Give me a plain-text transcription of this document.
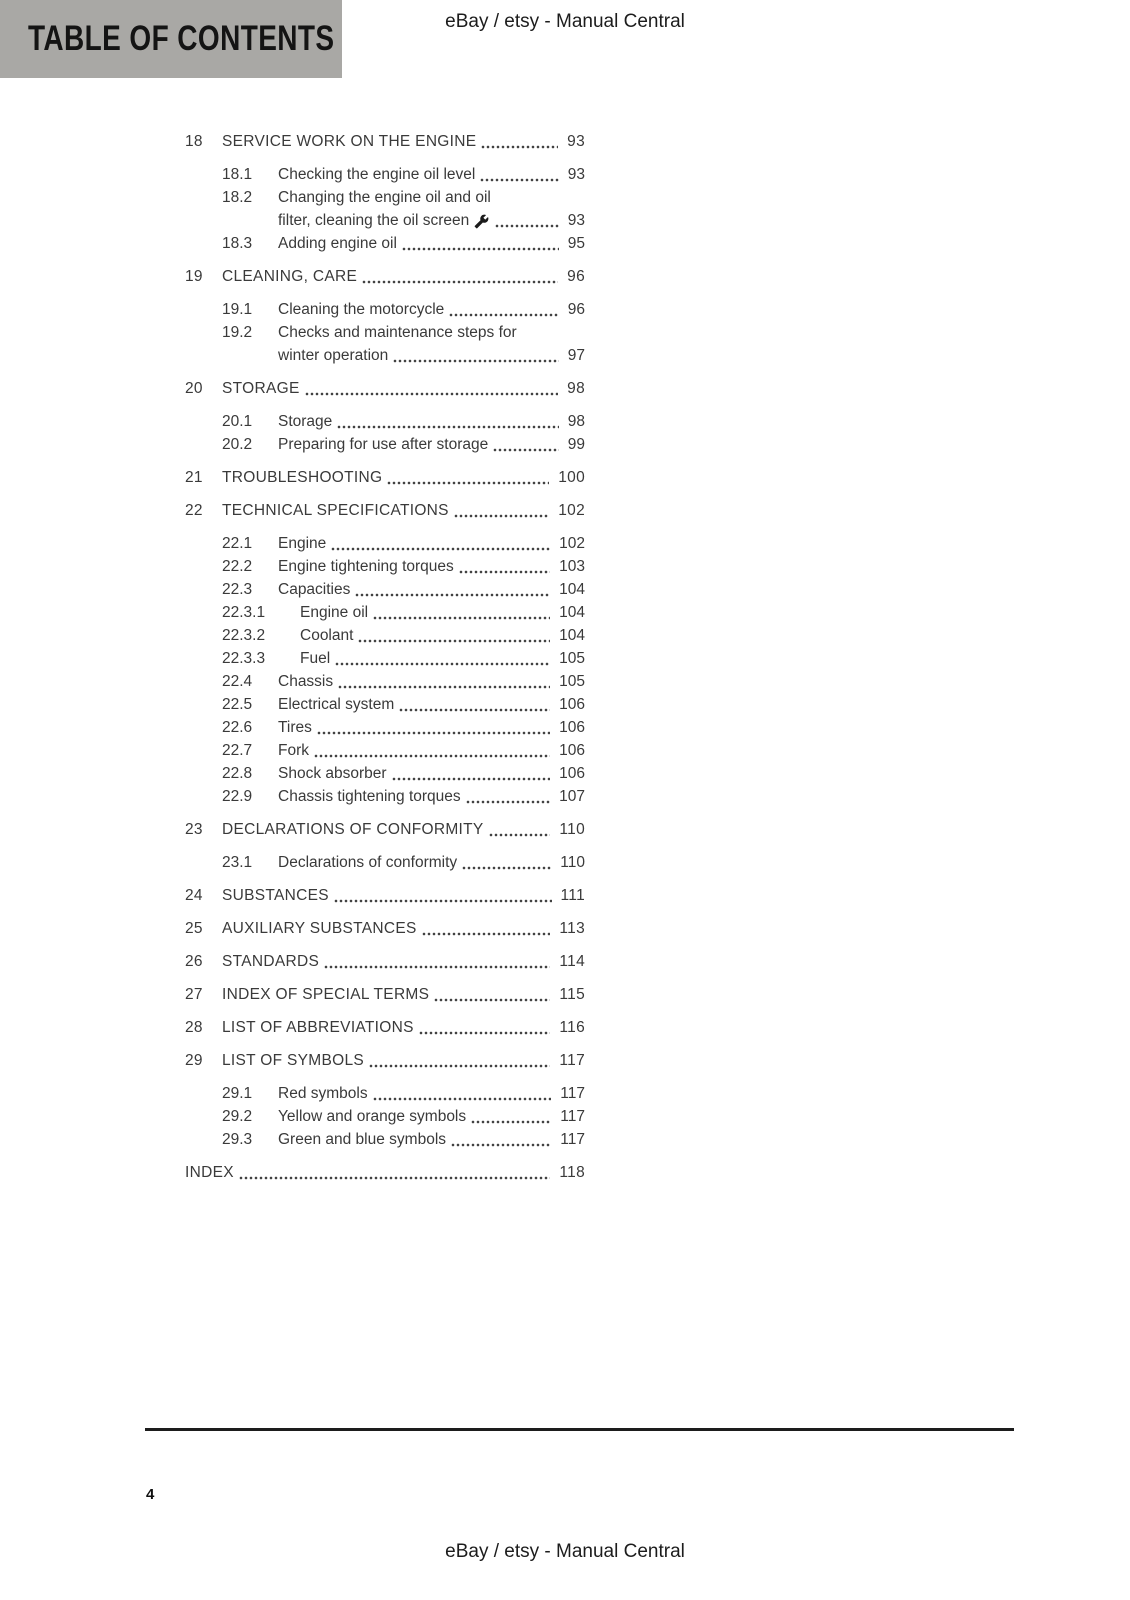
TABLE OF CONTENTS	eBay / etsy - Manual Central
18	SERVICE WORK ON THE ENGINE	93
18.1	Checking the engine oil level	93
18.2	Changing the engine oil and oil
filter, cleaning the oil screen	93
18.3	Adding engine oil	95
19	CLEANING, CARE	96
19.1	Cleaning the motorcycle	96
19.2	Checks and maintenance steps for
winter operation	97
20	STORAGE	98
20.1	Storage	98
20.2	Preparing for use after storage	99
21	TROUBLESHOOTING	100
22	TECHNICAL SPECIFICATIONS	102
22.1	Engine	102
22.2	Engine tightening torques	103
22.3	Capacities	104
22.3.1	Engine oil	104
22.3.2	Coolant	104
22.3.3	Fuel	105
22.4	Chassis	105
22.5	Electrical system	106
22.6	Tires	106
22.7	Fork	106
22.8	Shock absorber	106
22.9	Chassis tightening torques	107
23	DECLARATIONS OF CONFORMITY	110
23.1	Declarations of conformity	110
24	SUBSTANCES	111
25	AUXILIARY SUBSTANCES	113
26	STANDARDS	114
27	INDEX OF SPECIAL TERMS	115
28	LIST OF ABBREVIATIONS	116
29	LIST OF SYMBOLS	117
29.1	Red symbols	117
29.2	Yellow and orange symbols	117
29.3	Green and blue symbols	117
INDEX	118
4
eBay / etsy - Manual Central
